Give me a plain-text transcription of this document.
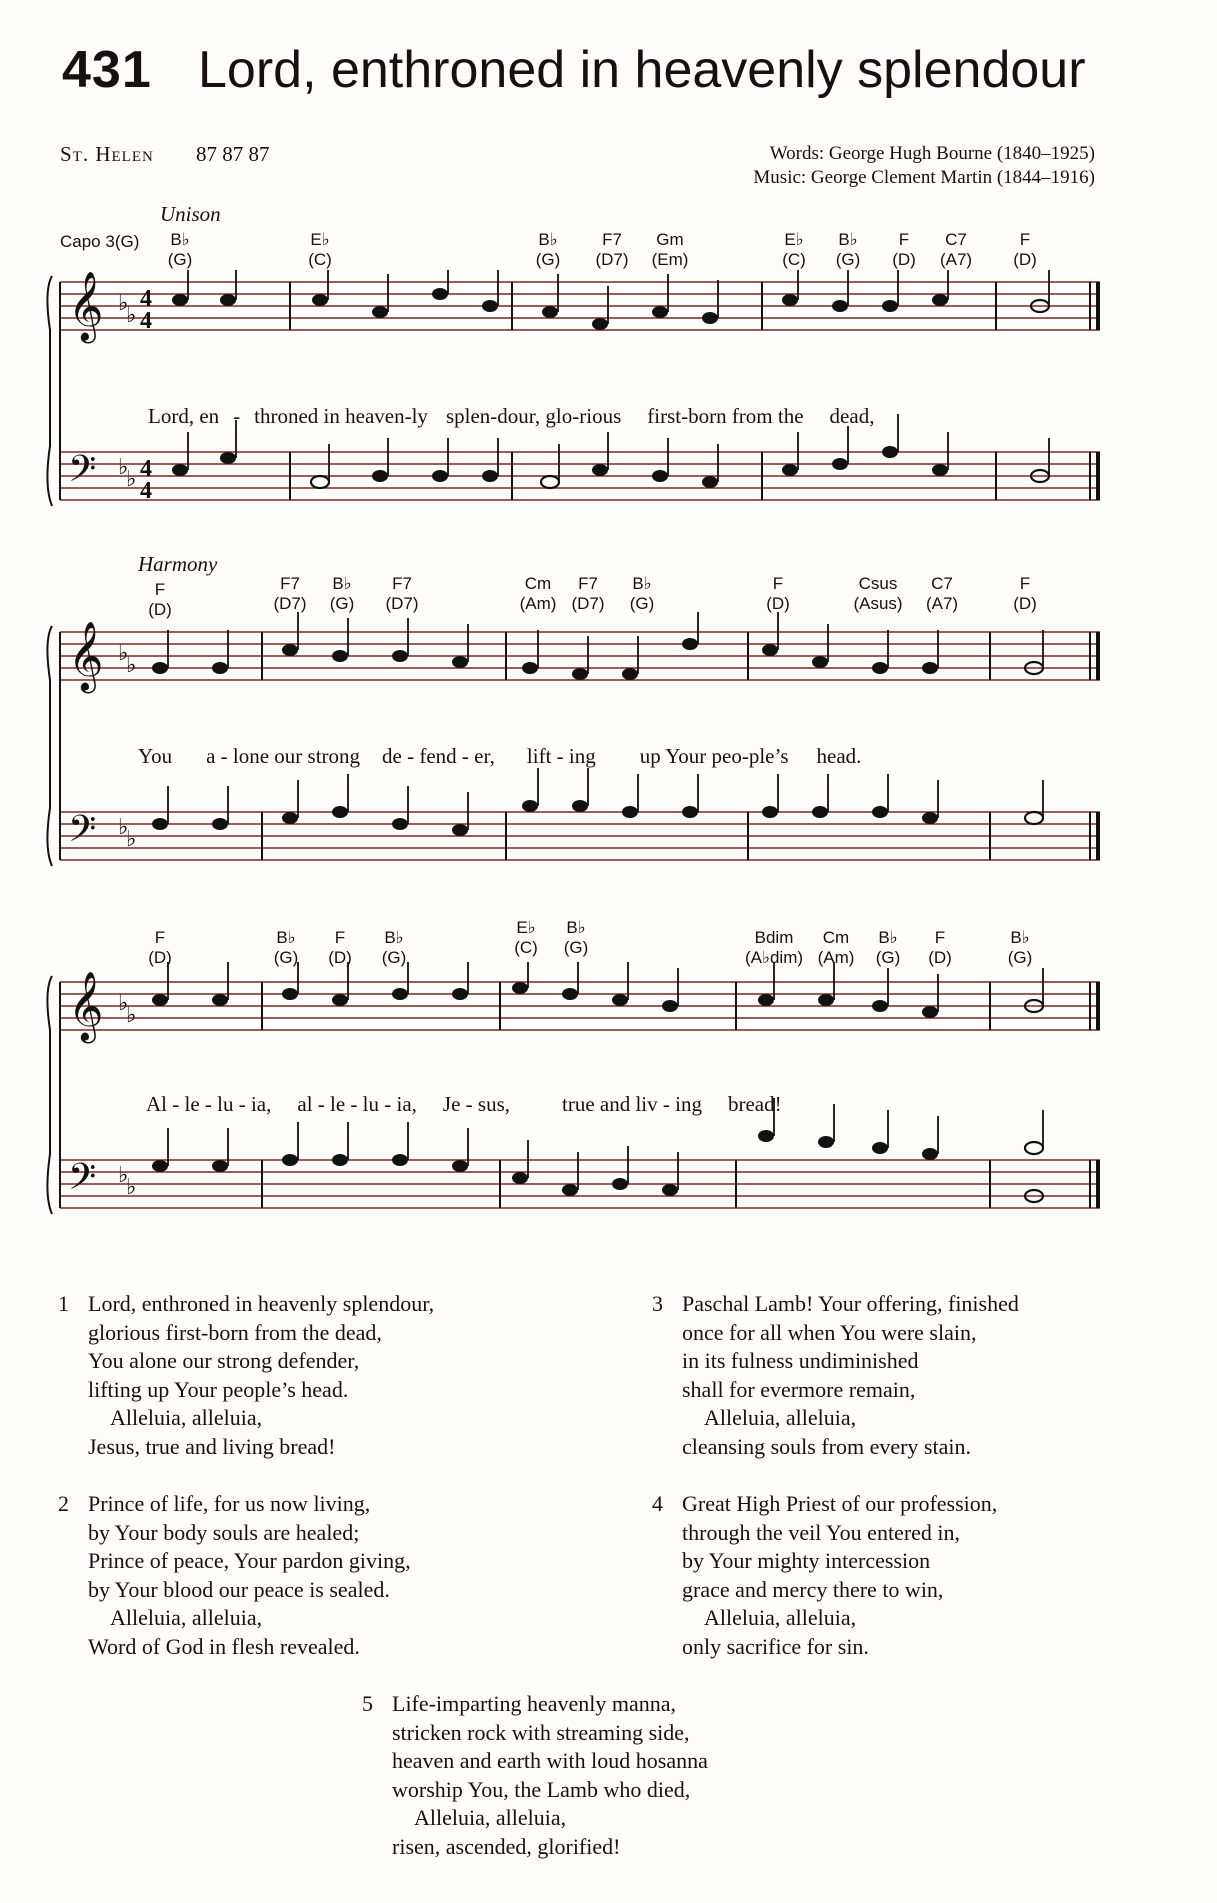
431 Lord, enthroned in heavenly splendour
St. Helen 87 87 87	Words: George Hugh Bourne (1840–1925)
Music: George Clement Martin (1844–1916)
Unison
Capo 3(G)	B♭
(G)
E♭
(C)
B♭
(G)
F7
(D7)
Gm
(Em)
E♭
(C)
B♭
(G)
F
(D)
C7
(A7)
F
(D)
𝄞
𝄢
♭
♭
♭
♭
4
4
4
4
Lord, en - throned in heaven-ly splen-dour, glo-rious first-born from the dead,
Harmony
F
(D)
F7
(D7)
B♭
(G)
F7
(D7)
Cm
(Am)
F7
(D7)
B♭
(G)
F
(D)
Csus
(Asus)
C7
(A7)
F
(D)
𝄞
𝄢
♭
♭
♭
♭
You a - lone our strong de - fend - er, lift - ing up Your peo-ple’s head.
F
(D)
B♭
(G)
F
(D)
B♭
(G)
E♭
(C)
B♭
(G)
Bdim
(A♭dim)
Cm
(Am)
B♭
(G)
F
(D)
B♭
(G)
𝄞
𝄢
♭
♭
♭
♭
Al - le - lu - ia, al - le - lu - ia, Je - sus, true and liv - ing bread!
1 Lord, enthroned in heavenly splendour,
glorious first-born from the dead,
You alone our strong defender,
lifting up Your people’s head.
Alleluia, alleluia,
Jesus, true and living bread!
2 Prince of life, for us now living,
by Your body souls are healed;
Prince of peace, Your pardon giving,
by Your blood our peace is sealed.
Alleluia, alleluia,
Word of God in flesh revealed.
3 Paschal Lamb! Your offering, finished
once for all when You were slain,
in its fulness undiminished
shall for evermore remain,
Alleluia, alleluia,
cleansing souls from every stain.
4 Great High Priest of our profession,
through the veil You entered in,
by Your mighty intercession
grace and mercy there to win,
Alleluia, alleluia,
only sacrifice for sin.
5 Life-imparting heavenly manna,
stricken rock with streaming side,
heaven and earth with loud hosanna
worship You, the Lamb who died,
Alleluia, alleluia,
risen, ascended, glorified!
